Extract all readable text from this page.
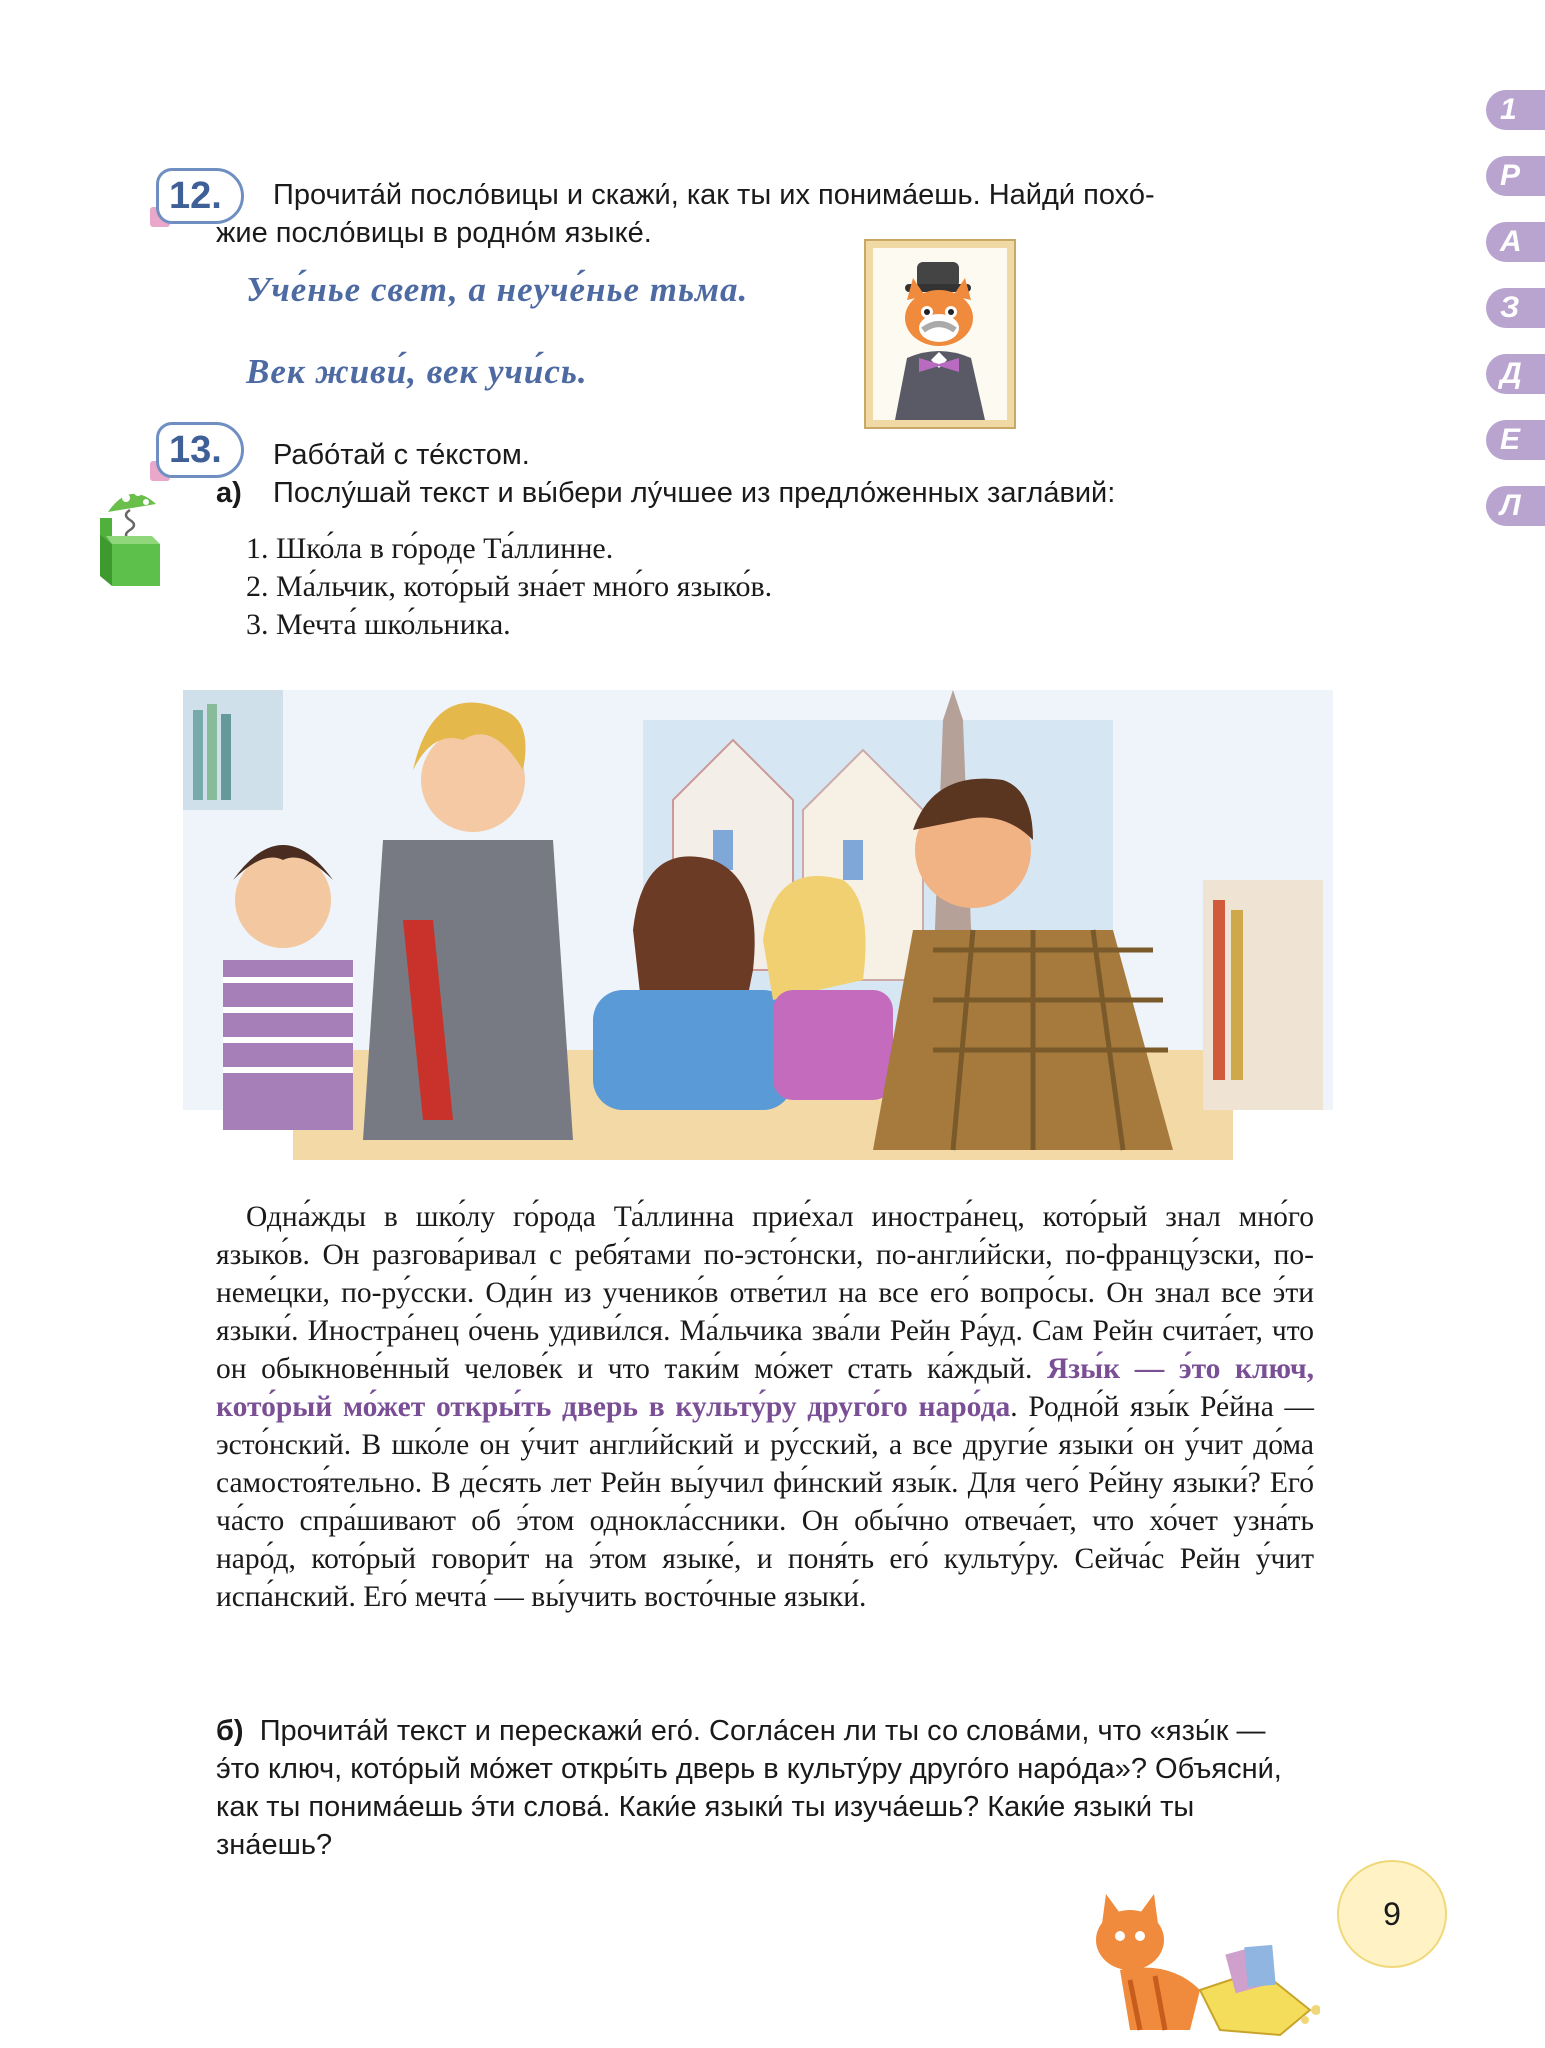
1
Р
А
З
Д
Е
Л
12.	Прочита́й посло́вицы и скажи́, как ты их понима́ешь. Найди́ похо́-
жие посло́вицы в родно́м языке́.
Уче́нье свет, а неуче́нье тьма.
Век живи́, век учи́сь.
13.	Рабо́тай с те́кстом.
а) Послу́шай текст и вы́бери лу́чшее из предло́женных загла́вий:
1. Шко́ла в го́роде Та́ллинне.
2. Ма́льчик, кото́рый зна́ет мно́го языко́в.
3. Мечта́ шко́льника.

Одна́жды в шко́лу го́рода Та́ллинна прие́хал иностра́нец, кото́рый знал мно́го языко́в. Он разгова́ривал с ребя́тами по-эсто́нски, по-англи́йски, по-францу́зски, по-неме́цки, по-ру́сски. Оди́н из ученико́в отве́тил на все его́ вопро́сы. Он знал все э́ти языки́. Иностра́нец о́чень удиви́лся. Ма́льчика зва́ли Рейн Ра́уд. Сам Рейн счита́ет, что он обыкнове́нный челове́к и что таки́м мо́жет стать ка́ждый. Язы́к — э́то ключ, кото́рый мо́жет откры́ть дверь в культу́ру друго́го наро́да. Родно́й язы́к Ре́йна — эсто́нский. В шко́ле он у́чит англи́йский и ру́сский, а все други́е языки́ он у́чит до́ма самостоя́тельно. В де́сять лет Рейн вы́учил фи́нский язы́к. Для чего́ Ре́йну языки́? Его́ ча́сто спра́шивают об э́том однокла́ссники. Он обы́чно отвеча́ет, что хо́чет узна́ть наро́д, кото́рый говори́т на э́том языке́, и поня́ть его́ культу́ру. Сейча́с Рейн у́чит испа́нский. Его́ мечта́ — вы́учить восто́чные языки́.

б) Прочита́й текст и перескажи́ его́. Согла́сен ли ты со слова́ми, что «язы́к — э́то ключ, кото́рый мо́жет откры́ть дверь в культу́ру друго́го наро́да»? Объясни́, как ты понима́ешь э́ти слова́. Каки́е языки́ ты изуча́ешь? Каки́е языки́ ты зна́ешь?
9
